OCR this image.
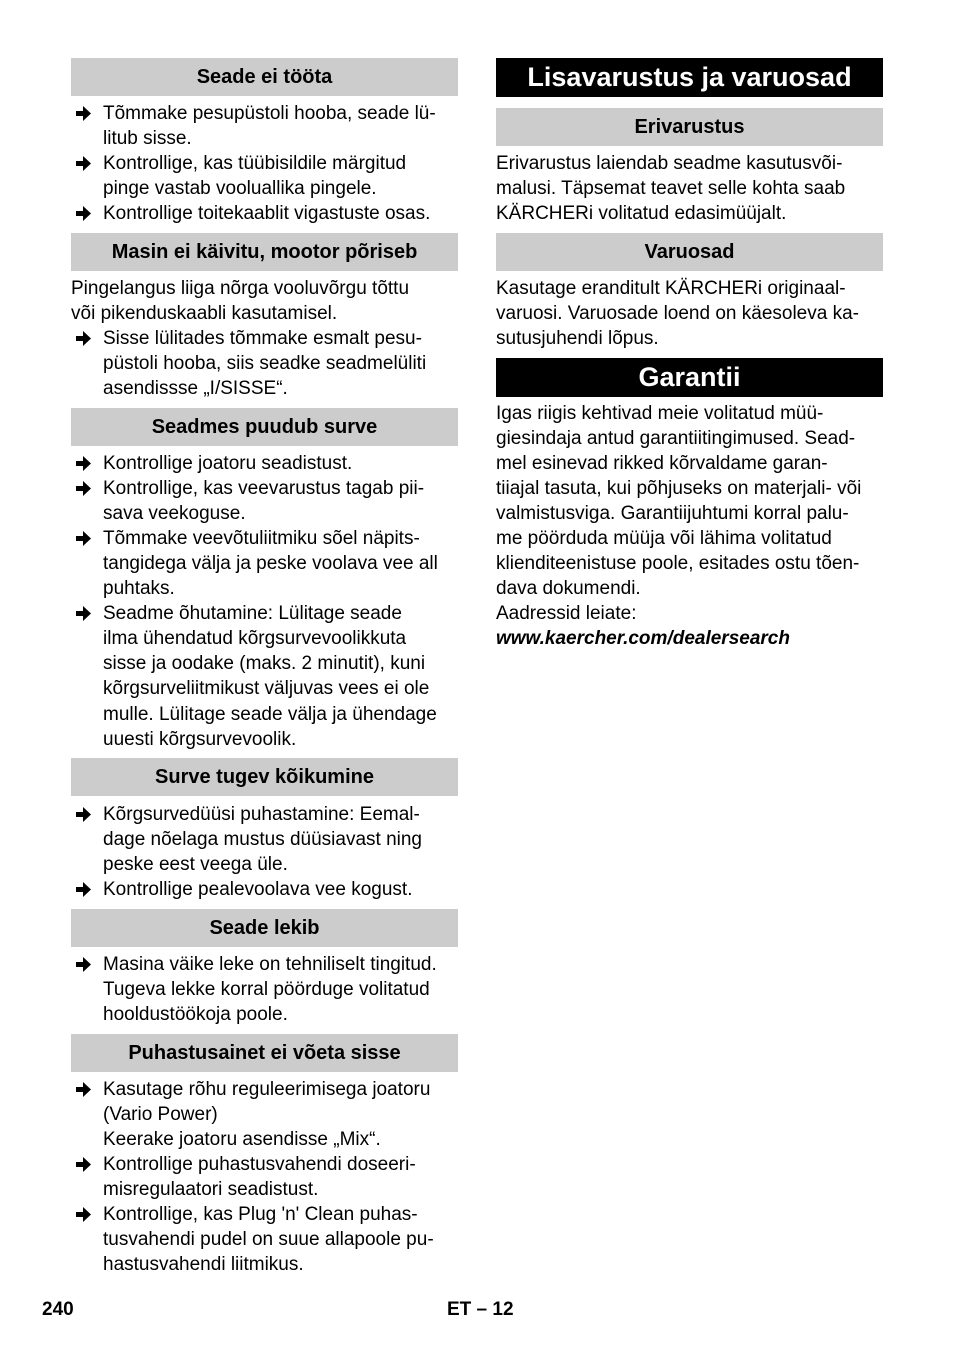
Seade ei tööta
Tõmmake pesupüstoli hooba, seade lü-
litub sisse.
Kontrollige, kas tüübisildile märgitud
pinge vastab vooluallika pingele.
Kontrollige toitekaablit vigastuste osas.
Masin ei käivitu, mootor põriseb
Pingelangus liiga nõrga vooluvõrgu tõttu
või pikenduskaabli kasutamisel.
Sisse lülitades tõmmake esmalt pesu-
püstoli hooba, siis seadke seadmelüliti
asendissse „I/SISSE“.
Seadmes puudub surve
Kontrollige joatoru seadistust.
Kontrollige, kas veevarustus tagab pii-
sava veekoguse.
Tõmmake veevõtuliitmiku sõel näpits-
tangidega välja ja peske voolava vee all
puhtaks.
Seadme õhutamine: Lülitage seade
ilma ühendatud kõrgsurvevoolikkuta
sisse ja oodake (maks. 2 minutit), kuni
kõrgsurveliitmikust väljuvas vees ei ole
mulle. Lülitage seade välja ja ühendage
uuesti kõrgsurvevoolik.
Surve tugev kõikumine
Kõrgsurvedüüsi puhastamine: Eemal-
dage nõelaga mustus düüsiavast ning
peske eest veega üle.
Kontrollige pealevoolava vee kogust.
Seade lekib
Masina väike leke on tehniliselt tingitud.
Tugeva lekke korral pöörduge volitatud
hooldustöökoja poole.
Puhastusainet ei võeta sisse
Kasutage rõhu reguleerimisega joatoru
(Vario Power)
Keerake joatoru asendisse „Mix“.
Kontrollige puhastusvahendi doseeri-
misregulaatori seadistust.
Kontrollige, kas Plug 'n' Clean puhas-
tusvahendi pudel on suue allapoole pu-
hastusvahendi liitmikus.
Lisavarustus ja varuosad
Erivarustus
Erivarustus laiendab seadme kasutusvõi-
malusi. Täpsemat teavet selle kohta saab
KÄRCHERi volitatud edasimüüjalt.
Varuosad
Kasutage eranditult KÄRCHERi originaal-
varuosi. Varuosade loend on käesoleva ka-
sutusjuhendi lõpus.
Garantii
Igas riigis kehtivad meie volitatud müü-
giesindaja antud garantiitingimused. Sead-
mel esinevad rikked kõrvaldame garan-
tiiajal tasuta, kui põhjuseks on materjali- või
valmistusviga. Garantiijuhtumi korral palu-
me pöörduda müüja või lähima volitatud
klienditeenistuse poole, esitades ostu tõen-
dava dokumendi.
Aadressid leiate:
www.kaercher.com/dealersearch
240	ET – 12
